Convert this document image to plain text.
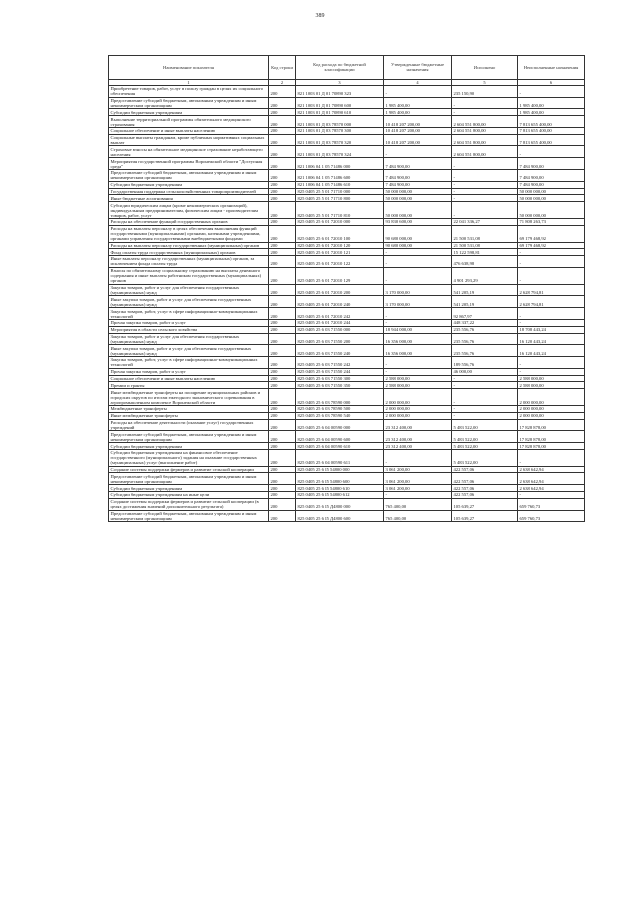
389
Наименование показателя	Код строки	Код расхода по бюджетной классификации	Утвержденные бюджетные назначения	Исполнено	Неисполненные назначения
1	2	3	4	5	6
Приобретение товаров, работ, услуг в пользу граждан в целях их социального обеспечения	200	821 1003 01 Д 01 70890 323	-	235 150,90	-
Предоставление субсидий бюджетным, автономным учреждениям и иным некоммерческим организациям	200	821 1003 01 Д 01 70890 600	1 985 400,00	-	1 985 400,00
Субсидии бюджетным учреждениям	200	821 1003 01 Д 01 70890 610	1 985 400,00	-	1 985 400,00
Выполнение территориальной программы обязательного медицинского страхования	200	821 1003 01 Д 03 78570 000	10 418 207 200,00	2 604 551 800,00	7 813 655 400,00
Социальное обеспечение и иные выплаты населению	200	821 1003 01 Д 03 78570 300	10 418 207 200,00	2 604 551 800,00	7 813 655 400,00
Социальные выплаты гражданам, кроме публичных нормативных социальных выплат	200	821 1003 01 Д 03 78570 320	10 418 207 200,00	2 604 551 800,00	7 813 655 400,00
Страховые взносы на обязательное медицинское страхование неработающего населения	200	821 1003 01 Д 03 78570 324	-	2 604 551 800,00	-
Мероприятия государственной программы Воронежской области "Доступная среда"	200	821 1006 04 1 05 71486 000	7 484 900,00	-	7 484 900,00
Предоставление субсидий бюджетным, автономным учреждениям и иным некоммерческим организациям	200	821 1006 04 1 05 71486 600	7 484 900,00	-	7 484 900,00
Субсидии бюджетным учреждениям	200	821 1006 04 1 05 71486 610	7 484 900,00	-	7 484 900,00
Государственная поддержка сельскохозяйственных товаропроизводителей	200	825 0405 25 5 01 71710 000	50 000 000,00	-	50 000 000,00
Иные бюджетные ассигнования	200	825 0405 25 5 01 71710 800	50 000 000,00	-	50 000 000,00
Субсидии юридическим лицам (кроме некоммерческих организаций), индивидуальным предпринимателям, физическим лицам - производителям товаров, работ, услуг	200	825 0405 25 5 01 71710 810	50 000 000,00	-	50 000 000,00
Расходы на обеспечение функций государственных органов	200	825 0405 25 6 01 72010 000	93 830 600,00	22 041 336,27	71 808 263,73
Расходы на выплаты персоналу в целях обеспечения выполнения функций государственными (муниципальными) органами, казенными учреждениями, органами управления государственными внебюджетными фондами	200	825 0405 25 6 01 72010 100	90 680 000,00	21 500 531,08	69 179 468,92
Расходы на выплаты персоналу государственных (муниципальных) органов	200	825 0405 25 6 01 72010 120	90 680 000,00	21 500 531,08	69 179 468,92
Фонд оплаты труда государственных (муниципальных) органов	200	825 0405 25 6 01 72010 121	-	15 122 598,81	-
Иные выплаты персоналу государственных (муниципальных) органов, за исключением фонда оплаты труда	200	825 0405 25 6 01 72010 122	-	476 638,98	-
Взносы по обязательному социальному страхованию на выплаты денежного содержания и иные выплаты работникам государственных (муниципальных) органов	200	825 0405 25 6 01 72010 129	-	4 901 293,29	-
Закупка товаров, работ и услуг для обеспечения государственных (муниципальных) нужд	200	825 0405 25 6 01 72010 200	3 170 000,00	541 205,19	2 628 794,81
Иные закупки товаров, работ и услуг для обеспечения государственных (муниципальных) нужд	200	825 0405 25 6 01 72010 240	3 170 000,00	541 205,19	2 628 794,81
Закупка товаров, работ, услуг в сфере информационно-коммуникационных технологий	200	825 0405 25 6 01 72010 242	-	92 867,97	-
Прочая закупка товаров, работ и услуг	200	825 0405 25 6 01 72010 244	-	448 337,22	-
Мероприятия в области сельского хозяйства	200	825 0405 25 6 03 71550 000	18 944 000,00	235 556,76	18 708 443,24
Закупка товаров, работ и услуг для обеспечения государственных (муниципальных) нужд	200	825 0405 25 6 03 71550 200	16 356 000,00	235 556,76	16 120 443,24
Иные закупки товаров, работ и услуг для обеспечения государственных (муниципальных) нужд	200	825 0405 25 6 03 71550 240	16 356 000,00	235 556,76	16 120 443,24
Закупка товаров, работ, услуг в сфере информационно-коммуникационных технологий	200	825 0405 25 6 03 71550 242	-	189 556,76	-
Прочая закупка товаров, работ и услуг	200	825 0405 25 6 03 71550 244	-	46 000,00	-
Социальное обеспечение и иные выплаты населению	200	825 0405 25 6 03 71550 300	2 588 000,00	-	2 588 000,00
Премии и гранты	200	825 0405 25 6 03 71550 350	2 588 000,00	-	2 588 000,00
Иные межбюджетные трансферты на поощрение муниципальных районов и городских округов по итогам ежегодного экономического соревнования в агропромышленном комплексе Воронежской области	200	825 0405 25 6 03 78590 000	2 000 000,00	-	2 000 000,00
Межбюджетные трансферты	200	825 0405 25 6 03 78590 500	2 000 000,00	-	2 000 000,00
Иные межбюджетные трансферты	200	825 0405 25 6 03 78590 540	2 000 000,00	-	2 000 000,00
Расходы на обеспечение деятельности (оказание услуг) государственных учреждений	200	825 0405 25 6 04 00590 000	23 312 400,00	5 483 522,00	17 828 878,00
Предоставление субсидий бюджетным, автономным учреждениям и иным некоммерческим организациям	200	825 0405 25 6 04 00590 600	23 312 400,00	5 483 522,00	17 828 878,00
Субсидии бюджетным учреждениям	200	825 0405 25 6 04 00590 610	23 312 400,00	5 483 522,00	17 828 878,00
Субсидии бюджетным учреждениям на финансовое обеспечение государственного (муниципального) задания на оказание государственных (муниципальных) услуг (выполнение работ)	200	825 0405 25 6 04 00590 611	-	5 483 522,00	-
Создание системы поддержки фермеров и развитие сельской кооперации	200	825 0405 25 6 I5 54800 000	3 061 200,00	422 557,06	2 638 642,94
Предоставление субсидий бюджетным, автономным учреждениям и иным некоммерческим организациям	200	825 0405 25 6 I5 54800 600	3 061 200,00	422 557,06	2 638 642,94
Субсидии бюджетным учреждениям	200	825 0405 25 6 I5 54800 610	3 061 200,00	422 557,06	2 638 642,94
Субсидии бюджетным учреждениям на иные цели	200	825 0405 25 6 I5 54800 612	-	422 557,06	-
Создание системы поддержки фермеров и развитие сельской кооперации (в целях достижения значений дополнительного результата)	200	825 0405 25 6 I5 Д4800 000	765 400,00	105 639,27	659 760,73
Предоставление субсидий бюджетным, автономным учреждениям и иным некоммерческим организациям	200	825 0405 25 6 I5 Д4800 600	765 400,00	105 639,27	659 760,73
